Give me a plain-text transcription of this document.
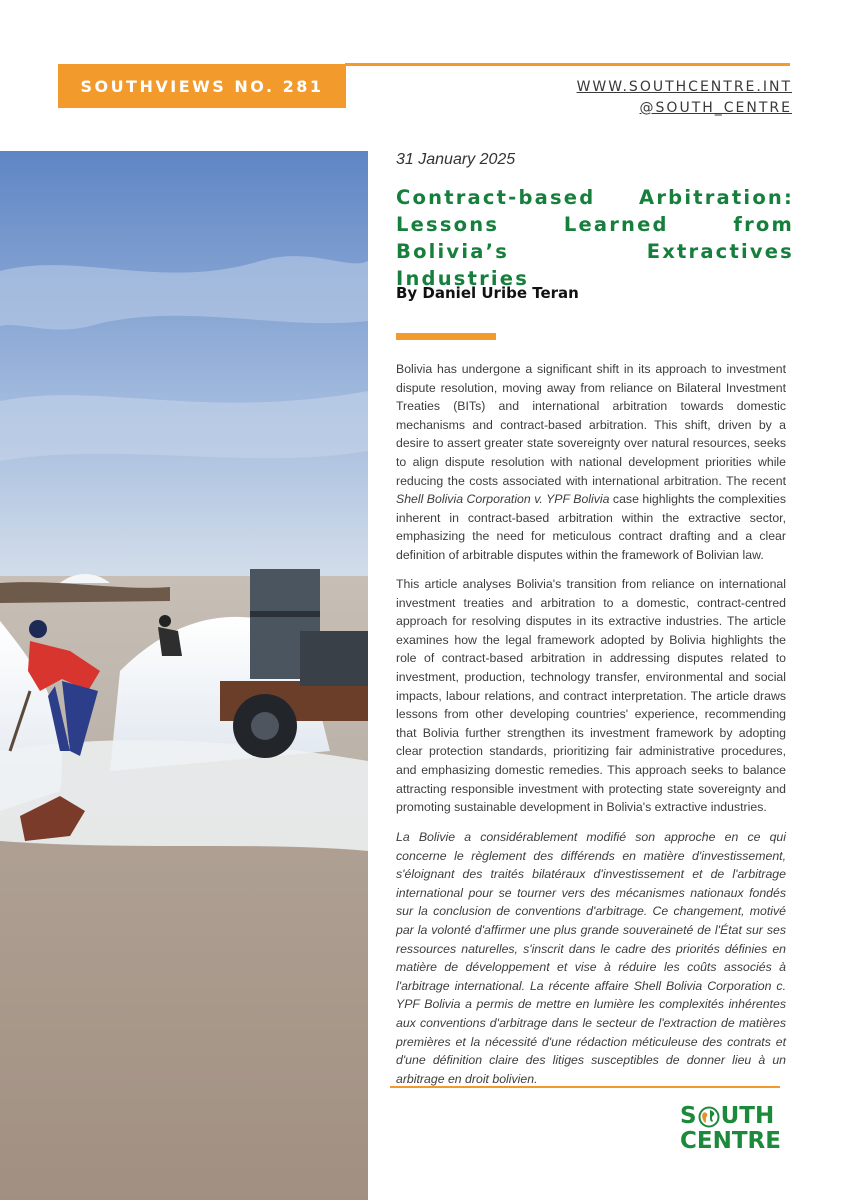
SOUTHVIEWS NO. 281	WWW.SOUTHCENTRE.INT
@SOUTH_CENTRE
31 January 2025
Contract-based Arbitration: Lessons Learned from Bolivia’s Extractives Industries
By Daniel Uribe Teran

Bolivia has undergone a significant shift in its approach to investment dispute resolution, moving away from reliance on Bilateral Investment Treaties (BITs) and international arbitration towards domestic mechanisms and contract-based arbitration. This shift, driven by a desire to assert greater state sovereignty over natural resources, seeks to align dispute resolution with national development priorities while reducing the costs associated with international arbitration. The recent Shell Bolivia Corporation v. YPF Bolivia case highlights the complexities inherent in contract-based arbitration within the extractive sector, emphasizing the need for meticulous contract drafting and a clear definition of arbitrable disputes within the framework of Bolivian law.

This article analyses Bolivia's transition from reliance on international investment treaties and arbitration to a domestic, contract-centred approach for resolving disputes in its extractive industries. The article examines how the legal framework adopted by Bolivia highlights the role of contract-based arbitration in addressing disputes related to investment, production, technology transfer, environmental and social impacts, labour relations, and contract interpretation. The article draws lessons from other developing countries' experience, recommending that Bolivia further strengthen its investment framework by adopting clear protection standards, prioritizing fair administrative procedures, and emphasizing domestic remedies. This approach seeks to balance attracting responsible investment with protecting state sovereignty and promoting sustainable development in Bolivia's extractive industries.

La Bolivie a considérablement modifié son approche en ce qui concerne le règlement des différends en matière d'investissement, s'éloignant des traités bilatéraux d'investissement et de l'arbitrage international pour se tourner vers des mécanismes nationaux fondés sur la conclusion de conventions d'arbitrage. Ce changement, motivé par la volonté d'affirmer une plus grande souveraineté de l'État sur ses ressources naturelles, s'inscrit dans le cadre des priorités définies en matière de développement et vise à réduire les coûts associés à l'arbitrage international. La récente affaire Shell Bolivia Corporation c. YPF Bolivia a permis de mettre en lumière les complexités inhérentes aux conventions d'arbitrage dans le secteur de l'extraction de matières premières et la nécessité d'une rédaction méticuleuse des contrats et d'une définition claire des litiges susceptibles de donner lieu à un arbitrage en droit bolivien.

S UTH
CENTRE
